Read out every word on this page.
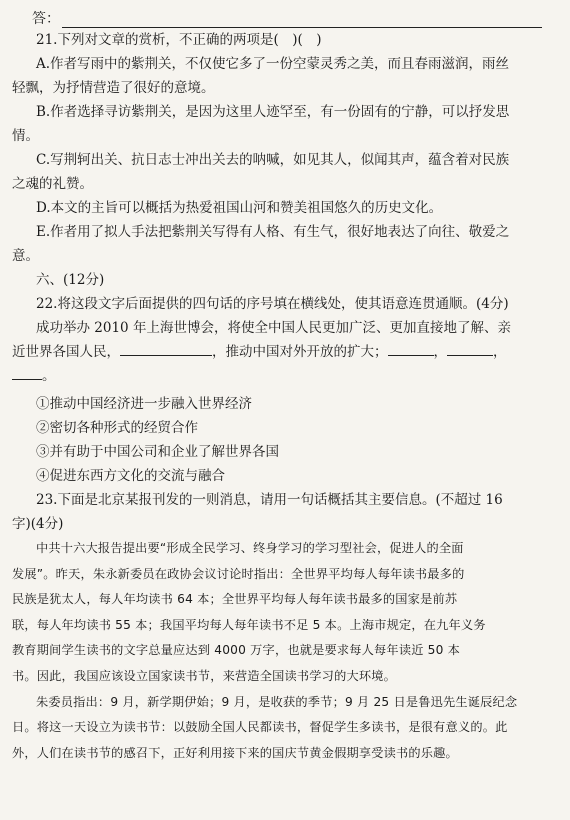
答：
21.下列对文章的赏析，不正确的两项是(　)(　)
A.作者写雨中的紫荆关，不仅使它多了一份空蒙灵秀之美，而且春雨滋润，雨丝
轻飘，为抒情营造了很好的意境。
B.作者选择寻访紫荆关，是因为这里人迹罕至，有一份固有的宁静，可以抒发思
情。
C.写荆轲出关、抗日志士冲出关去的呐喊，如见其人，似闻其声，蕴含着对民族
之魂的礼赞。
D.本文的主旨可以概括为热爱祖国山河和赞美祖国悠久的历史文化。
E.作者用了拟人手法把紫荆关写得有人格、有生气，很好地表达了向往、敬爱之
意。
六、(12分)
22.将这段文字后面提供的四句话的序号填在横线处，使其语意连贯通顺。(4分)
成功举办 2010 年上海世博会，将使全中国人民更加广泛、更加直接地了解、亲
近世界各国人民，	，推动中国对外开放的扩大；	，	，
。
①推动中国经济进一步融入世界经济
②密切各种形式的经贸合作
③并有助于中国公司和企业了解世界各国
④促进东西方文化的交流与融合
23.下面是北京某报刊发的一则消息，请用一句话概括其主要信息。(不超过 16
字)(4分)
中共十六大报告提出要“形成全民学习、终身学习的学习型社会，促进人的全面
发展”。昨天，朱永新委员在政协会议讨论时指出：全世界平均每人每年读书最多的
民族是犹太人，每人年均读书 64 本；全世界平均每人每年读书最多的国家是前苏
联，每人年均读书 55 本；我国平均每人每年读书不足 5 本。上海市规定，在九年义务
教育期间学生读书的文字总量应达到 4000 万字，也就是要求每人每年读近 50 本
书。因此，我国应该设立国家读书节，来营造全国读书学习的大环境。
朱委员指出：9 月，新学期伊始；9 月，是收获的季节；9 月 25 日是鲁迅先生诞辰纪念
日。将这一天设立为读书节：以鼓励全国人民都读书，督促学生多读书，是很有意义的。此
外，人们在读书节的感召下，正好利用接下来的国庆节黄金假期享受读书的乐趣。
